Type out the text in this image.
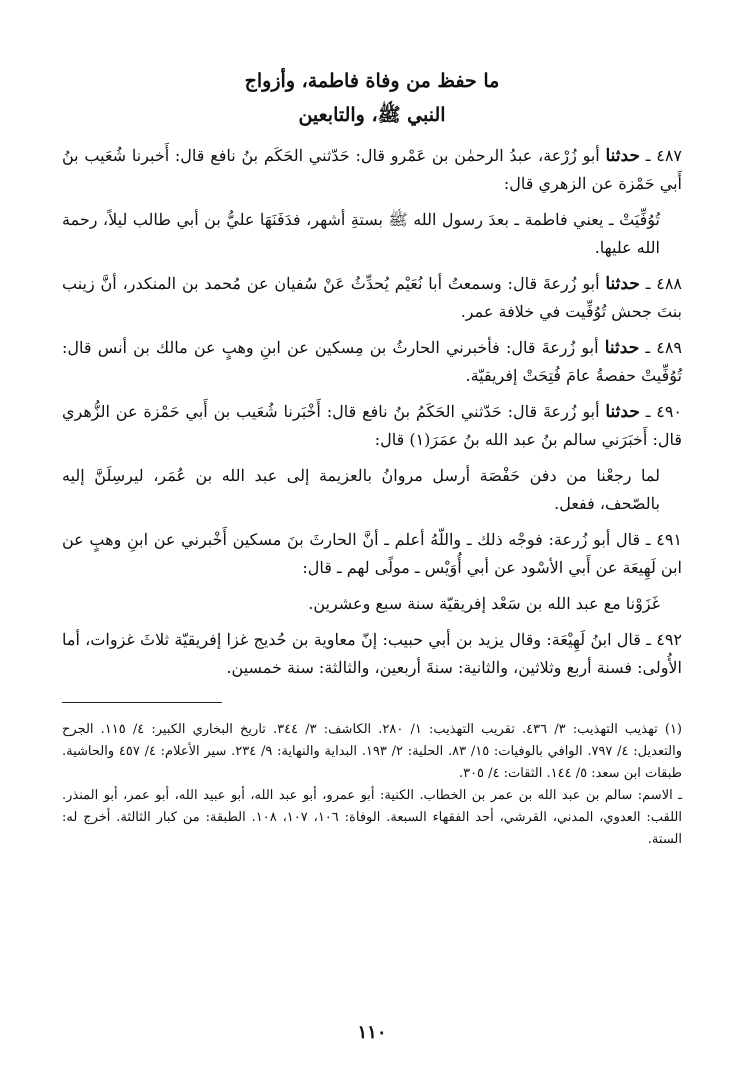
ما حفظ من وفاة فاطمة، وأزواج
النبي ﷺ، والتابعين

٤٨٧ ـ حدثنا أبو زُرْعة، عبدُ الرحمٰن بن عَمْرو قال: حَدّثني الحَكَم بنُ نافع قال: أَخبرنا شُعَيب بنُ أَبي حَمْزة عن الزهري قال:

تُوُفِّيَتْ ـ يعني فاطمة ـ بعدَ رسول الله ﷺ بستةِ أشهر، فدَفَنَهَا عليُّ بن أبي طالب ليلاً، رحمة الله عليها.

٤٨٨ ـ حدثنا أبو زُرعةَ قال: وسمعتُ أبا نُعَيْم يُحدِّثُ عَنْ سُفيان عن مُحمد بن المنكدر، أنَّ زينب بنتَ جحش تُوُفِّيت في خلافة عمر.

٤٨٩ ـ حدثنا أبو زُرعةَ قال: فأخبرني الحارثُ بن مِسكين عن ابنِ وهبٍ عن مالك بن أنس قال: تُوُفِّيتْ حفصةُ عامَ فُتِحَتْ إفريقيّة.

٤٩٠ ـ حدثنا أبو زُرعةَ قال: حَدّثني الحَكَمُ بنُ نافع قال: أَخْبَرنا شُعَيب بن أَبي حَمْزة عن الزُّهري قال: أَخبَرَني سالم بنُ عبد الله بنُ عمَرَ(١) قال:

لما رجعْنا من دفن حَفْصَة أرسل مروانُ بالعزيمة إلى عبد الله بن عُمَر، ليرسِلَنَّ إليه بالصّحف، ففعل.

٤٩١ ـ قال أبو زُرعة: فوجْه ذلك ـ واللّهُ أعلم ـ أنَّ الحارثَ بنَ مسكين أَخْبرني عن ابنِ وهبٍ عن ابن لَهِيعَة عن أَبي الأسْود عن أبي أُوَيْس ـ مولًى لهم ـ قال:

غَزَوْنا مع عبد الله بن سَعْد إفريقيّة سنة سبع وعشرين.

٤٩٢ ـ قال ابنُ لَهِيْعَة: وقال يزيد بن أبي حبيب: إنّ معاوية بن حُديج غزا إفريقيّة ثلاثَ غزوات، أما الأُولى: فسنة أربع وثلاثين، والثانية: سنةَ أربعين، والثالثة: سنة خمسين.

(١) تهذيب التهذيب: ٣/ ٤٣٦. تقريب التهذيب: ١/ ٢٨٠. الكاشف: ٣/ ٣٤٤. تاريخ البخاري الكبير: ٤/ ١١٥. الجرح والتعديل: ٤/ ٧٩٧. الوافي بالوفيات: ١٥/ ٨٣. الحلية: ٢/ ١٩٣. البداية والنهاية: ٩/ ٢٣٤. سير الأعلام: ٤/ ٤٥٧ والحاشية. طبقات ابن سعد: ٥/ ١٤٤. الثقات: ٤/ ٣٠٥.

ـ الاسم: سالم بن عبد الله بن عمر بن الخطاب. الكنية: أبو عمرو، أبو عبد الله، أبو عبيد الله، أبو عمر، أبو المنذر. اللقب: العدوي، المدني، القرشي، أحد الفقهاء السبعة. الوفاة: ١٠٦، ١٠٧، ١٠٨. الطبقة: من كبار الثالثة. أخرج له: الستة.

١١٠
